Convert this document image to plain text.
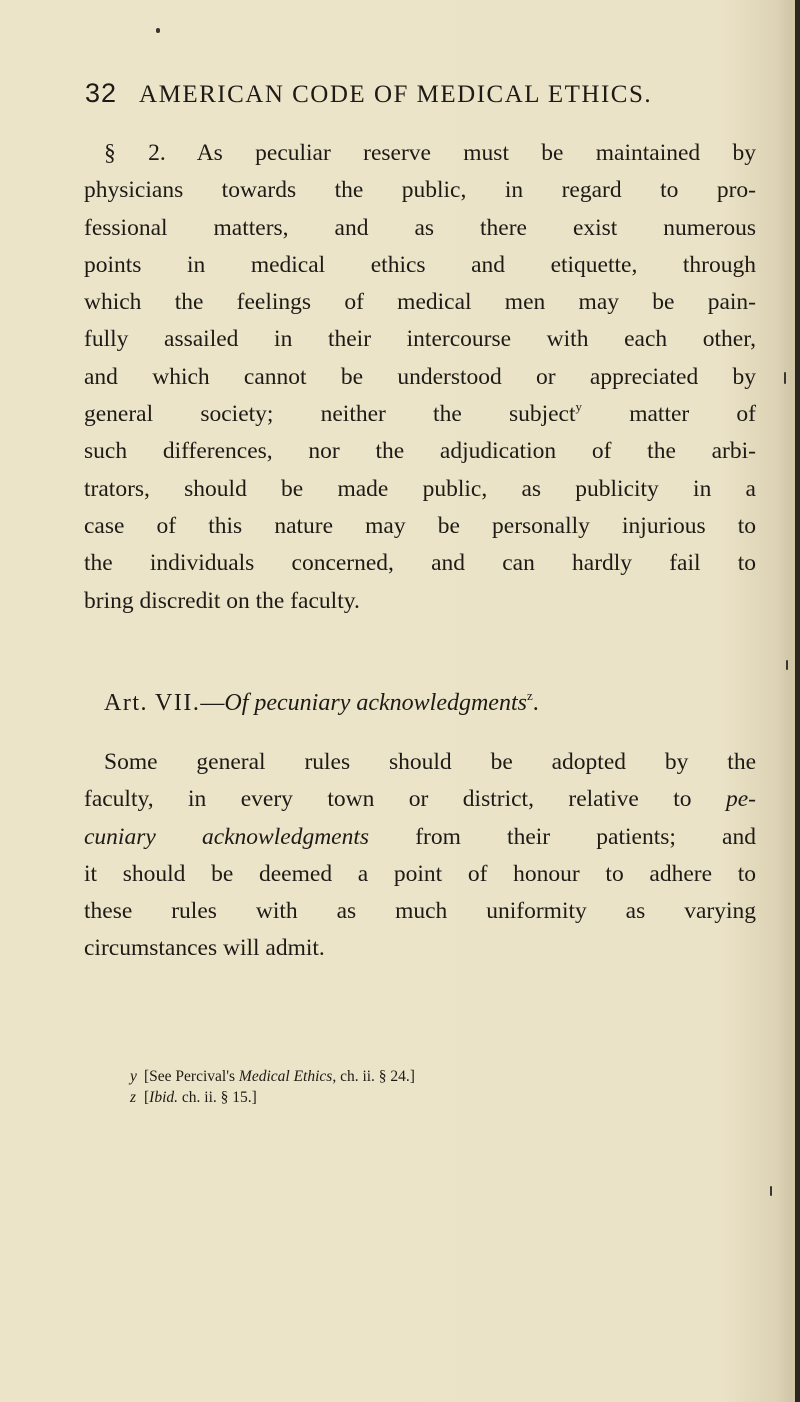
32 AMERICAN CODE OF MEDICAL ETHICS.
§ 2. As peculiar reserve must be maintained by
physicians towards the public, in regard to pro-
fessional matters, and as there exist numerous
points in medical ethics and etiquette, through
which the feelings of medical men may be pain-
fully assailed in their intercourse with each other,
and which cannot be understood or appreciated by
general society; neither the subject$^y$ matter of
such differences, nor the adjudication of the arbi-
trators, should be made public, as publicity in a
case of this nature may be personally injurious to
the individuals concerned, and can hardly fail to
bring discredit on the faculty.
Art. VII.—Of pecuniary acknowledgments$^z$.
Some general rules should be adopted by the
faculty, in every town or district, relative to pe-
cuniary acknowledgments from their patients; and
it should be deemed a point of honour to adhere to
these rules with as much uniformity as varying
circumstances will admit.
y [See Percival's Medical Ethics, ch. ii. § 24.]
z [Ibid. ch. ii. § 15.]
